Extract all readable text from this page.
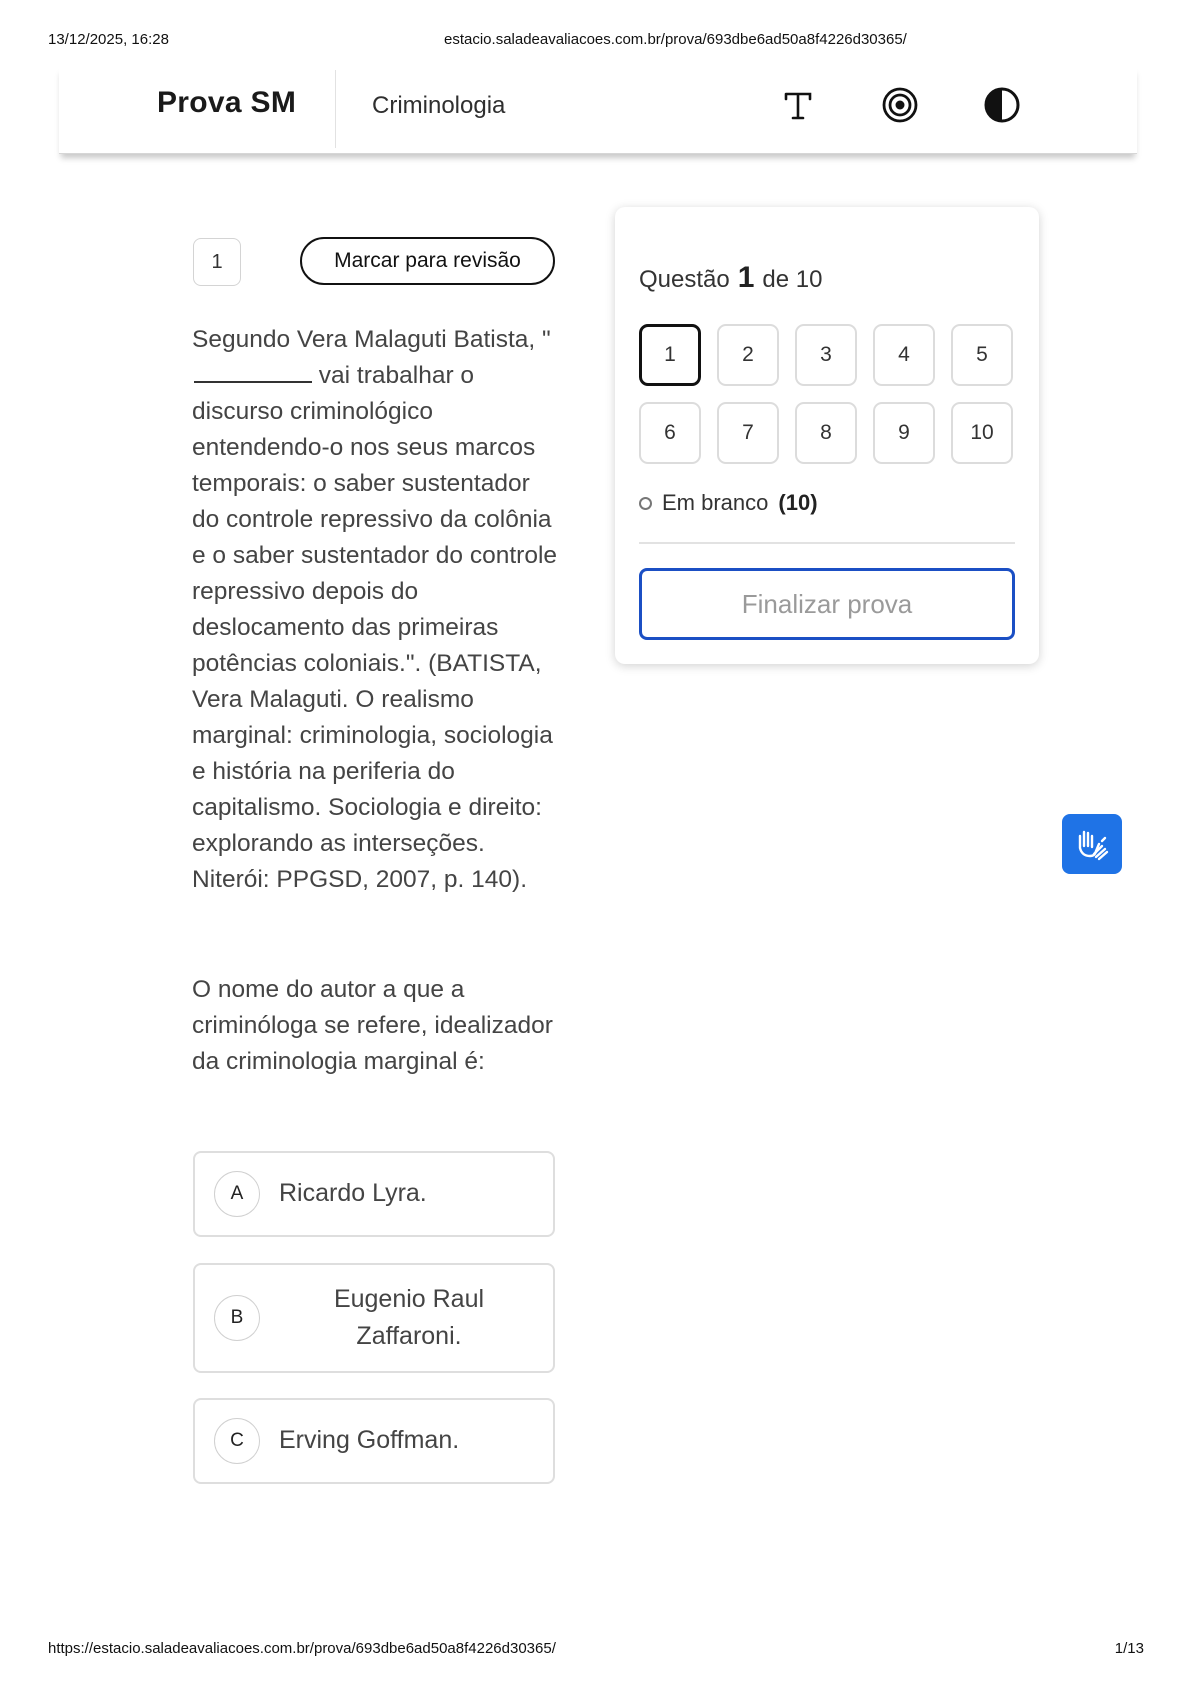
13/12/2025, 16:28	estacio.saladeavaliacoes.com.br/prova/693dbe6ad50a8f4226d30365/
Prova SM	Criminologia
1	Marcar para revisão

Segundo Vera Malaguti Batista, " vai trabalhar o discurso criminológico entendendo-o nos seus marcos temporais: o saber sustentador do controle repressivo da colônia e o saber sustentador do controle repressivo depois do deslocamento das primeiras potências coloniais.". (BATISTA, Vera Malaguti. O realismo marginal: criminologia, sociologia e história na periferia do capitalismo. Sociologia e direito: explorando as interseções. Niterói: PPGSD, 2007, p. 140).

O nome do autor a que a criminóloga se refere, idealizador da criminologia marginal é:

A	Ricardo Lyra.
B
Eugenio Raul Zaffaroni.
C	Erving Goffman.
Questão 1 de 10
1	2	3	4	5
6	7	8	9	10
Em branco (10)
Finalizar prova
https://estacio.saladeavaliacoes.com.br/prova/693dbe6ad50a8f4226d30365/	1/13
